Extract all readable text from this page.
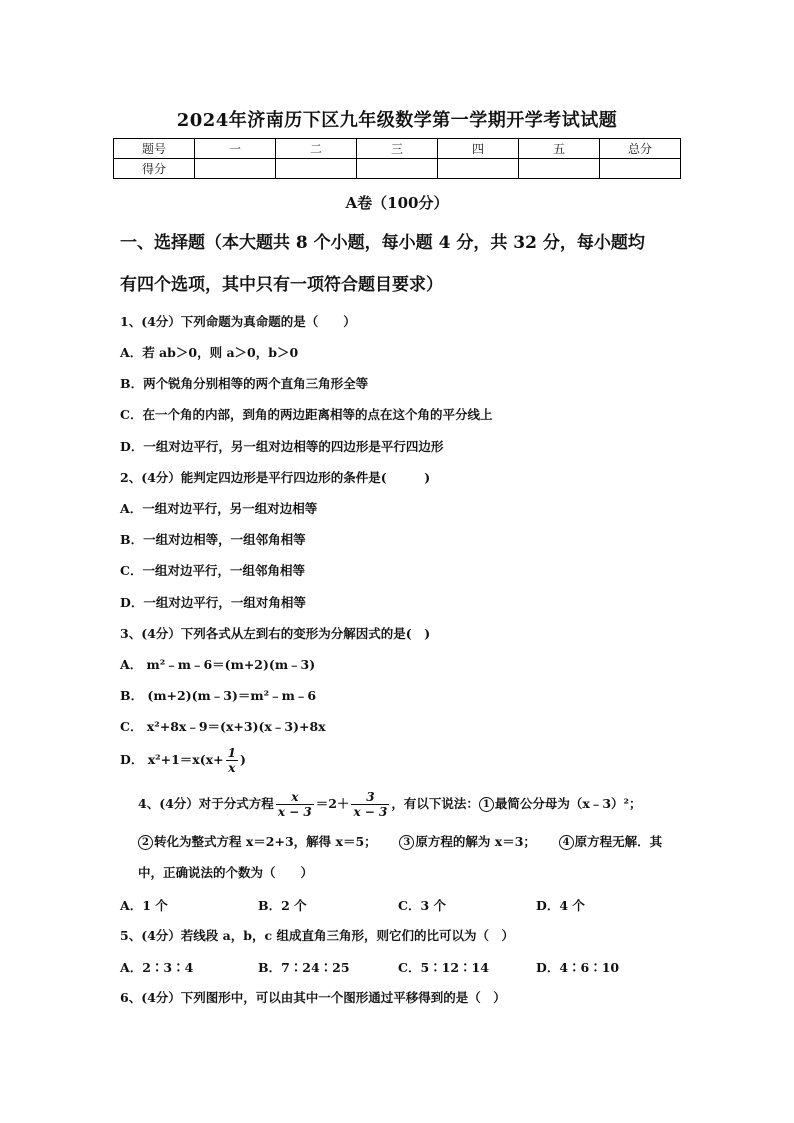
2024年济南历下区九年级数学第一学期开学考试试题
题号	一	二	三	四	五	总分
得分						
A卷（100分）
一、选择题（本大题共 8 个小题，每小题 4 分，共 32 分，每小题均
有四个选项，其中只有一项符合题目要求）
1、(4分）下列命题为真命题的是（　　）
A．若 ab＞0，则 a＞0，b＞0
B．两个锐角分别相等的两个直角三角形全等
C．在一个角的内部，到角的两边距离相等的点在这个角的平分线上
D．一组对边平行，另一组对边相等的四边形是平行四边形
2、(4分）能判定四边形是平行四边形的条件是(　　　)
A．一组对边平行，另一组对边相等
B．一组对边相等，一组邻角相等
C．一组对边平行，一组邻角相等
D．一组对边平行，一组对角相等
3、(4分）下列各式从左到右的变形为分解因式的是(　)
A． m²﹣m﹣6＝(m+2)(m﹣3)
B． (m+2)(m﹣3)＝m²﹣m﹣6
C． x²+8x﹣9＝(x+3)(x﹣3)+8x
D． $x^2+1=x(x+ \frac{1}{x}$ )
4、(4分）对于分式方程 $\frac{x}{x - 3} =2+ \frac{3}{x - 3}$ ，有以下说法： 1 最简公分母为（x﹣3）²；
2 转化为整式方程 x＝2+3，解得 x＝5；	3 原方程的解为 x＝3；	4 原方程无解．其
中，正确说法的个数为（　　）
A．1 个	B．2 个	C．3 个	D．4 个
5、(4分）若线段 a，b，c 组成直角三角形，则它们的比可以为（　）
A．2∶3∶4	B．7∶24∶25	C．5∶12∶14	D．4∶6∶10
6、(4分）下列图形中，可以由其中一个图形通过平移得到的是（　）
